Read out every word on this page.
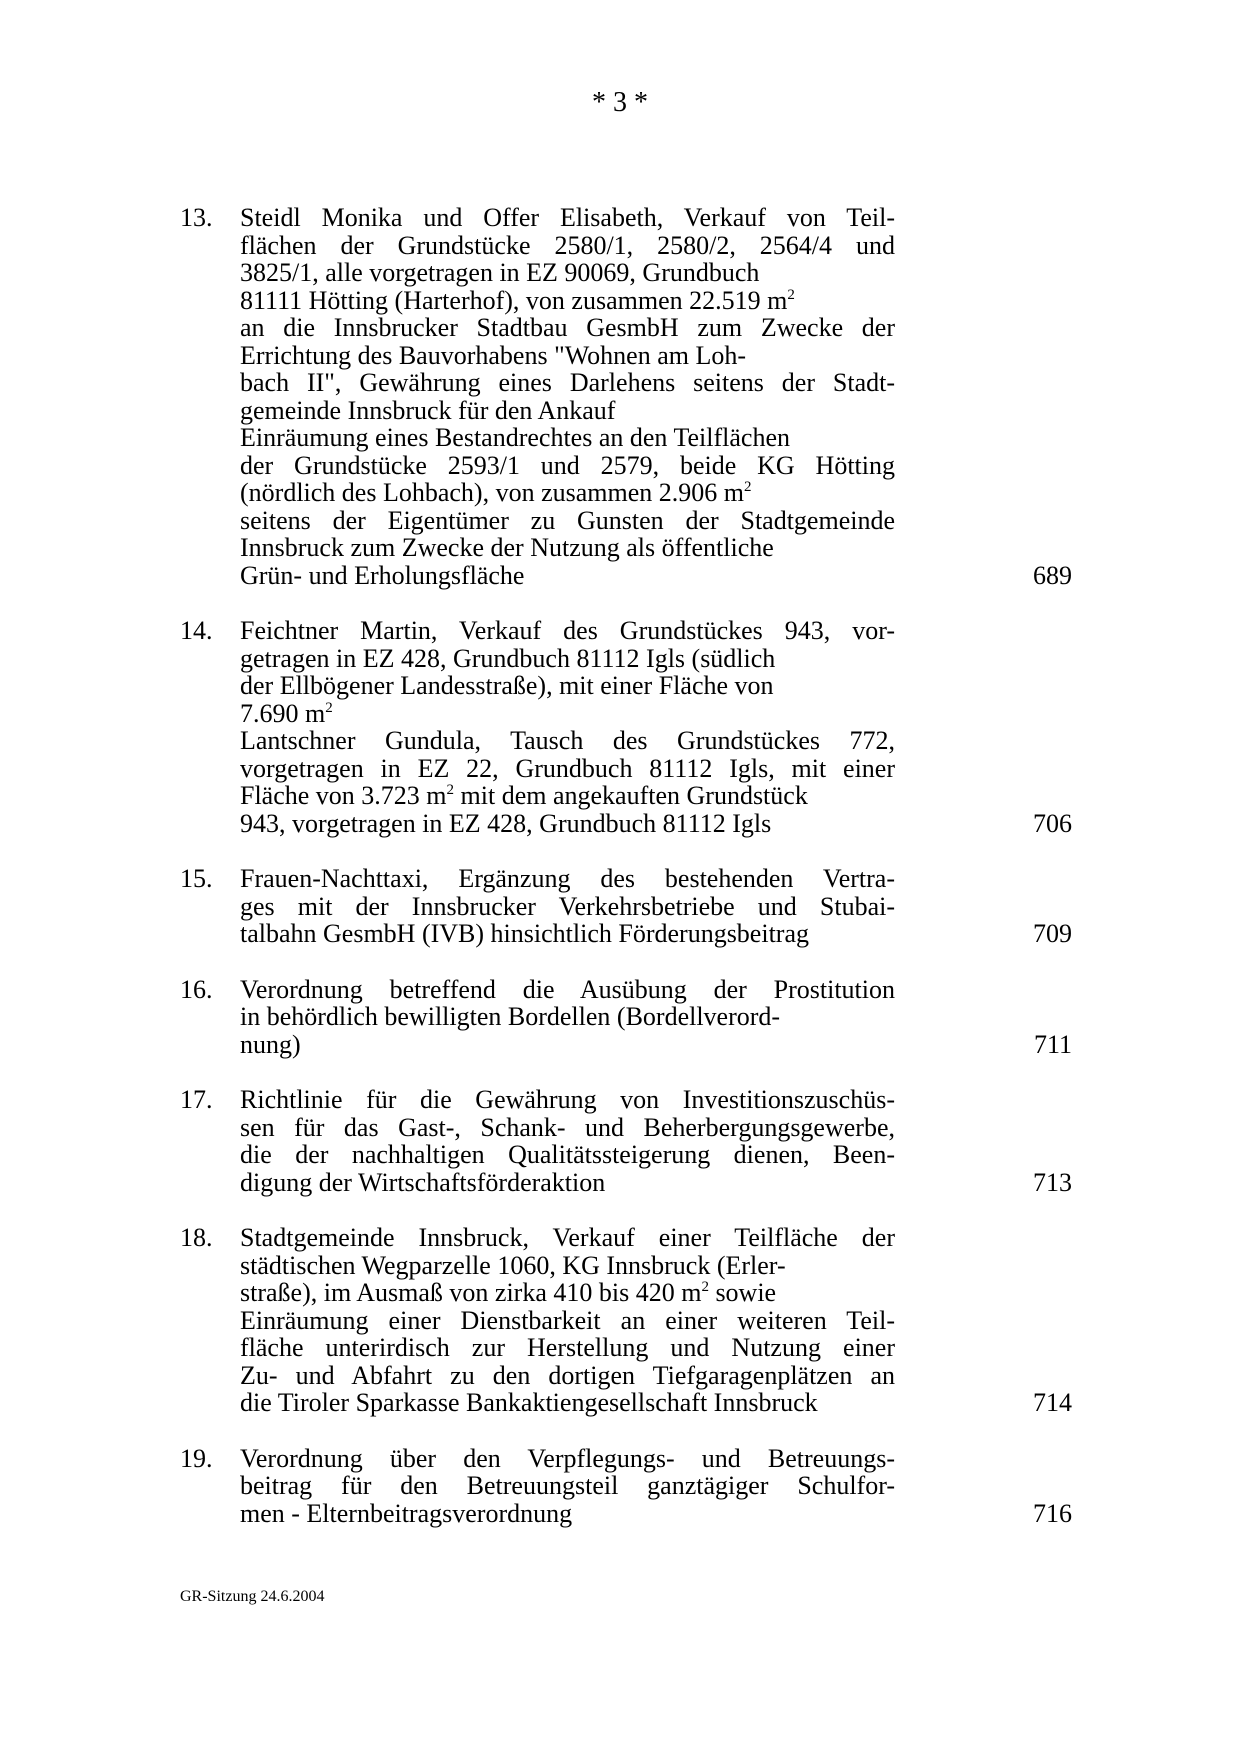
* 3 *
13. Steidl Monika und Offer Elisabeth, Verkauf von Teil-
flächen der Grundstücke 2580/1, 2580/2, 2564/4 und
3825/1, alle vorgetragen in EZ 90069, Grundbuch
81111 Hötting (Harterhof), von zusammen 22.519 $m^2$
an die Innsbrucker Stadtbau GesmbH zum Zwecke der
Errichtung des Bauvorhabens "Wohnen am Loh-
bach II", Gewährung eines Darlehens seitens der Stadt-
gemeinde Innsbruck für den Ankauf
Einräumung eines Bestandrechtes an den Teilflächen
der Grundstücke 2593/1 und 2579, beide KG Hötting
(nördlich des Lohbach), von zusammen 2.906 $m^2$
seitens der Eigentümer zu Gunsten der Stadtgemeinde
Innsbruck zum Zwecke der Nutzung als öffentliche
Grün- und Erholungsfläche	689
14. Feichtner Martin, Verkauf des Grundstückes 943, vor-
getragen in EZ 428, Grundbuch 81112 Igls (südlich
der Ellbögener Landesstraße), mit einer Fläche von
7.690 $m^2$
Lantschner Gundula, Tausch des Grundstückes 772,
vorgetragen in EZ 22, Grundbuch 81112 Igls, mit einer
Fläche von 3.723 $m^2$ mit dem angekauften Grundstück
943, vorgetragen in EZ 428, Grundbuch 81112 Igls	706
15. Frauen-Nachttaxi, Ergänzung des bestehenden Vertra-
ges mit der Innsbrucker Verkehrsbetriebe und Stubai-
talbahn GesmbH (IVB) hinsichtlich Förderungsbeitrag	709
16. Verordnung betreffend die Ausübung der Prostitution
in behördlich bewilligten Bordellen (Bordellverord-
nung)	711
17. Richtlinie für die Gewährung von Investitionszuschüs-
sen für das Gast-, Schank- und Beherbergungsgewerbe,
die der nachhaltigen Qualitätssteigerung dienen, Been-
digung der Wirtschaftsförderaktion	713
18. Stadtgemeinde Innsbruck, Verkauf einer Teilfläche der
städtischen Wegparzelle 1060, KG Innsbruck (Erler-
straße), im Ausmaß von zirka 410 bis 420 $m^2$ sowie
Einräumung einer Dienstbarkeit an einer weiteren Teil-
fläche unterirdisch zur Herstellung und Nutzung einer
Zu- und Abfahrt zu den dortigen Tiefgaragenplätzen an
die Tiroler Sparkasse Bankaktiengesellschaft Innsbruck	714
19. Verordnung über den Verpflegungs- und Betreuungs-
beitrag für den Betreuungsteil ganztägiger Schulfor-
men - Elternbeitragsverordnung	716
GR-Sitzung 24.6.2004
